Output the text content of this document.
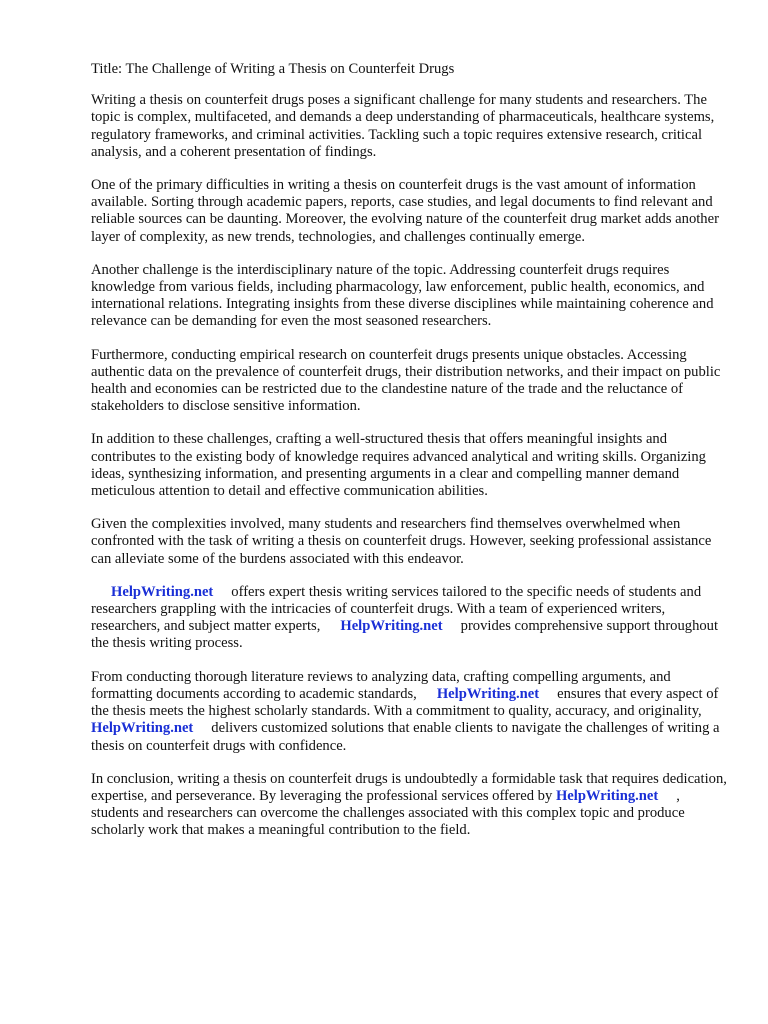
Title: The Challenge of Writing a Thesis on Counterfeit Drugs

Writing a thesis on counterfeit drugs poses a significant challenge for many students and researchers. The topic is complex, multifaceted, and demands a deep understanding of pharmaceuticals, healthcare systems, regulatory frameworks, and criminal activities. Tackling such a topic requires extensive research, critical analysis, and a coherent presentation of findings.

One of the primary difficulties in writing a thesis on counterfeit drugs is the vast amount of information available. Sorting through academic papers, reports, case studies, and legal documents to find relevant and reliable sources can be daunting. Moreover, the evolving nature of the counterfeit drug market adds another layer of complexity, as new trends, technologies, and challenges continually emerge.

Another challenge is the interdisciplinary nature of the topic. Addressing counterfeit drugs requires knowledge from various fields, including pharmacology, law enforcement, public health, economics, and international relations. Integrating insights from these diverse disciplines while maintaining coherence and relevance can be demanding for even the most seasoned researchers.

Furthermore, conducting empirical research on counterfeit drugs presents unique obstacles. Accessing authentic data on the prevalence of counterfeit drugs, their distribution networks, and their impact on public health and economies can be restricted due to the clandestine nature of the trade and the reluctance of stakeholders to disclose sensitive information.

In addition to these challenges, crafting a well-structured thesis that offers meaningful insights and contributes to the existing body of knowledge requires advanced analytical and writing skills. Organizing ideas, synthesizing information, and presenting arguments in a clear and compelling manner demand meticulous attention to detail and effective communication abilities.

Given the complexities involved, many students and researchers find themselves overwhelmed when confronted with the task of writing a thesis on counterfeit drugs. However, seeking professional assistance can alleviate some of the burdens associated with this endeavor.

HelpWriting.net offers expert thesis writing services tailored to the specific needs of students and researchers grappling with the intricacies of counterfeit drugs. With a team of experienced writers, researchers, and subject matter experts, HelpWriting.net provides comprehensive support throughout the thesis writing process.

From conducting thorough literature reviews to analyzing data, crafting compelling arguments, and formatting documents according to academic standards, HelpWriting.net ensures that every aspect of the thesis meets the highest scholarly standards. With a commitment to quality, accuracy, and originality,HelpWriting.net delivers customized solutions that enable clients to navigate the challenges of writing a thesis on counterfeit drugs with confidence.

In conclusion, writing a thesis on counterfeit drugs is undoubtedly a formidable task that requires dedication, expertise, and perseverance. By leveraging the professional services offered by HelpWriting.net , students and researchers can overcome the challenges associated with this complex topic and produce scholarly work that makes a meaningful contribution to the field.
